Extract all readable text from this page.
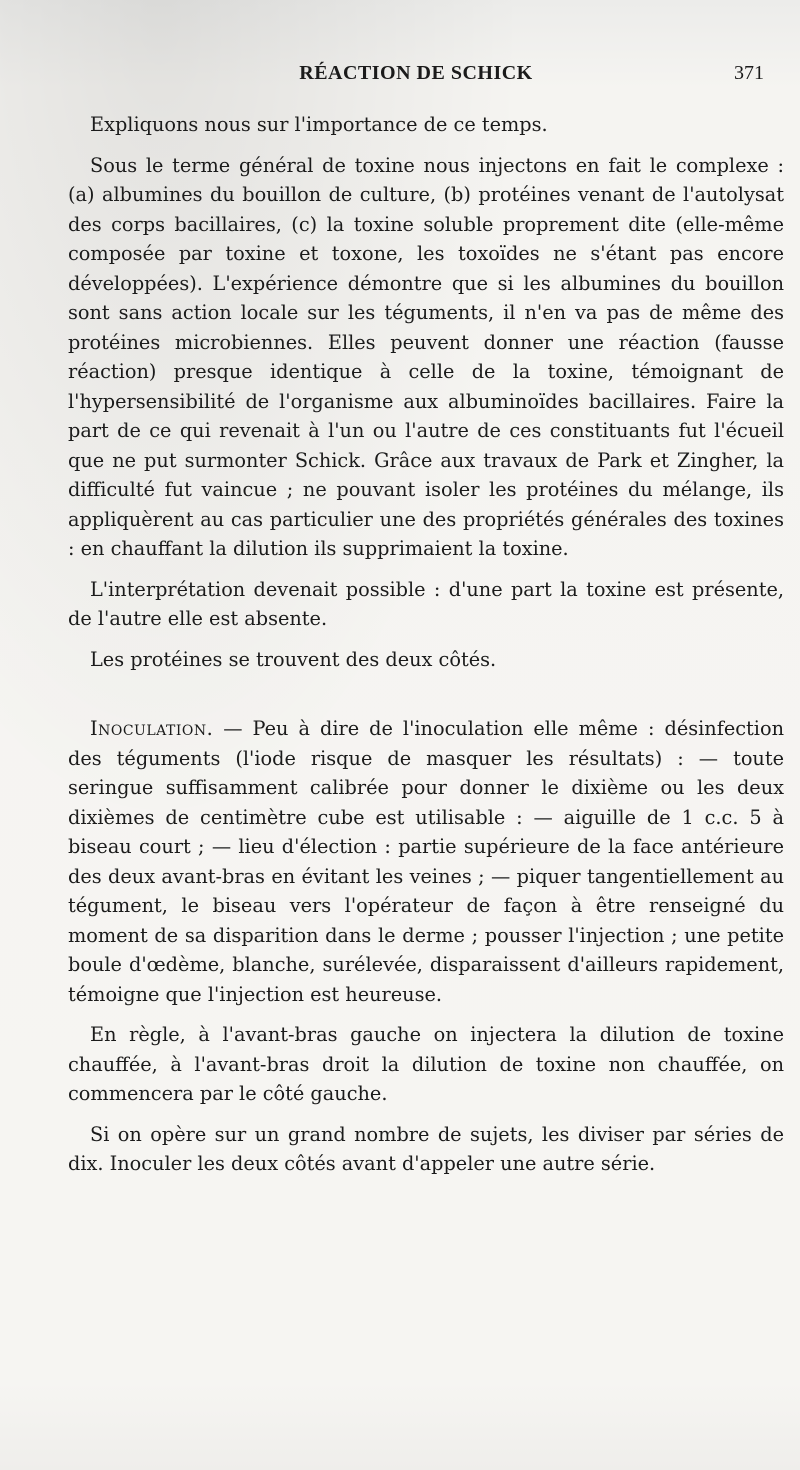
RÉACTION DE SCHICK	371

Expliquons nous sur l'importance de ce temps.

Sous le terme général de toxine nous injectons en fait le complexe : (a) albumines du bouillon de culture, (b) protéines venant de l'autolysat des corps bacillaires, (c) la toxine soluble proprement dite (elle-même composée par toxine et toxone, les toxoïdes ne s'étant pas encore développées). L'expérience démontre que si les albumines du bouillon sont sans action locale sur les téguments, il n'en va pas de même des protéines microbiennes. Elles peuvent donner une réaction (fausse réaction) presque identique à celle de la toxine, témoignant de l'hypersensibilité de l'organisme aux albuminoïdes bacillaires. Faire la part de ce qui revenait à l'un ou l'autre de ces constituants fut l'écueil que ne put surmonter Schick. Grâce aux travaux de Park et Zingher, la difficulté fut vaincue ; ne pouvant isoler les protéines du mélange, ils appliquèrent au cas particulier une des propriétés générales des toxines : en chauffant la dilution ils supprimaient la toxine.

L'interprétation devenait possible : d'une part la toxine est présente, de l'autre elle est absente.

Les protéines se trouvent des deux côtés.

Inoculation. — Peu à dire de l'inoculation elle même : désinfection des téguments (l'iode risque de masquer les résultats) : — toute seringue suffisamment calibrée pour donner le dixième ou les deux dixièmes de centimètre cube est utilisable : — aiguille de 1 c.c. 5 à biseau court ; — lieu d'élection : partie supérieure de la face antérieure des deux avant-bras en évitant les veines ; — piquer tangentiellement au tégument, le biseau vers l'opérateur de façon à être renseigné du moment de sa disparition dans le derme ; pousser l'injection ; une petite boule d'œdème, blanche, surélevée, disparaissent d'ailleurs rapidement, témoigne que l'injection est heureuse.

En règle, à l'avant-bras gauche on injectera la dilution de toxine chauffée, à l'avant-bras droit la dilution de toxine non chauffée, on commencera par le côté gauche.

Si on opère sur un grand nombre de sujets, les diviser par séries de dix. Inoculer les deux côtés avant d'appeler une autre série.
